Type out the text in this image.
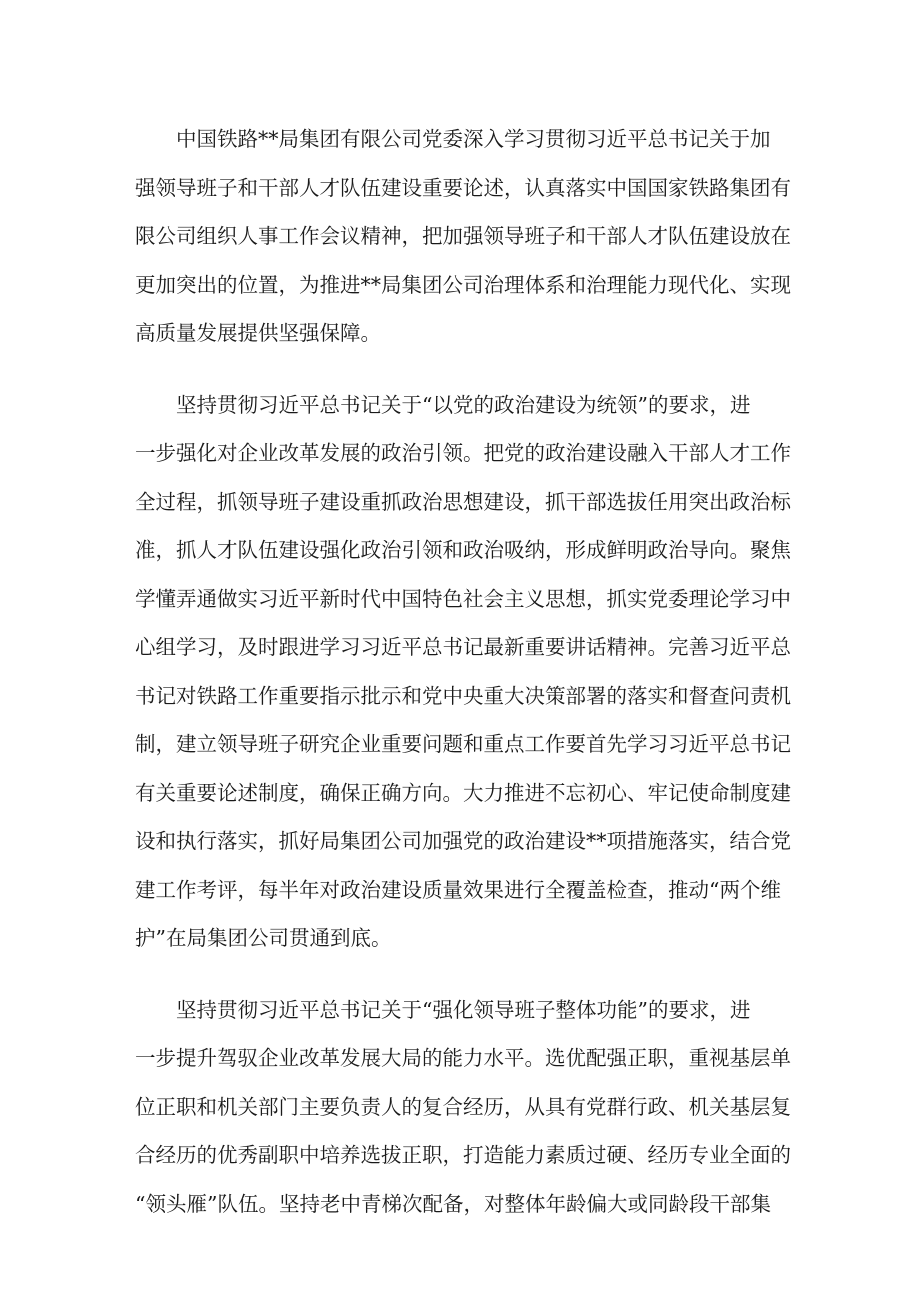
中国铁路**局集团有限公司党委深入学习贯彻习近平总书记关于加
强领导班子和干部人才队伍建设重要论述，认真落实中国国家铁路集团有
限公司组织人事工作会议精神，把加强领导班子和干部人才队伍建设放在
更加突出的位置，为推进**局集团公司治理体系和治理能力现代化、实现
高质量发展提供坚强保障。

坚持贯彻习近平总书记关于“以党的政治建设为统领”的要求，进
一步强化对企业改革发展的政治引领。把党的政治建设融入干部人才工作
全过程，抓领导班子建设重抓政治思想建设，抓干部选拔任用突出政治标
准，抓人才队伍建设强化政治引领和政治吸纳，形成鲜明政治导向。聚焦
学懂弄通做实习近平新时代中国特色社会主义思想，抓实党委理论学习中
心组学习，及时跟进学习习近平总书记最新重要讲话精神。完善习近平总
书记对铁路工作重要指示批示和党中央重大决策部署的落实和督查问责机
制，建立领导班子研究企业重要问题和重点工作要首先学习习近平总书记
有关重要论述制度，确保正确方向。大力推进不忘初心、牢记使命制度建
设和执行落实，抓好局集团公司加强党的政治建设**项措施落实，结合党
建工作考评，每半年对政治建设质量效果进行全覆盖检查，推动“两个维
护”在局集团公司贯通到底。

坚持贯彻习近平总书记关于“强化领导班子整体功能”的要求，进
一步提升驾驭企业改革发展大局的能力水平。选优配强正职，重视基层单
位正职和机关部门主要负责人的复合经历，从具有党群行政、机关基层复
合经历的优秀副职中培养选拔正职，打造能力素质过硬、经历专业全面的
“领头雁”队伍。坚持老中青梯次配备，对整体年龄偏大或同龄段干部集
